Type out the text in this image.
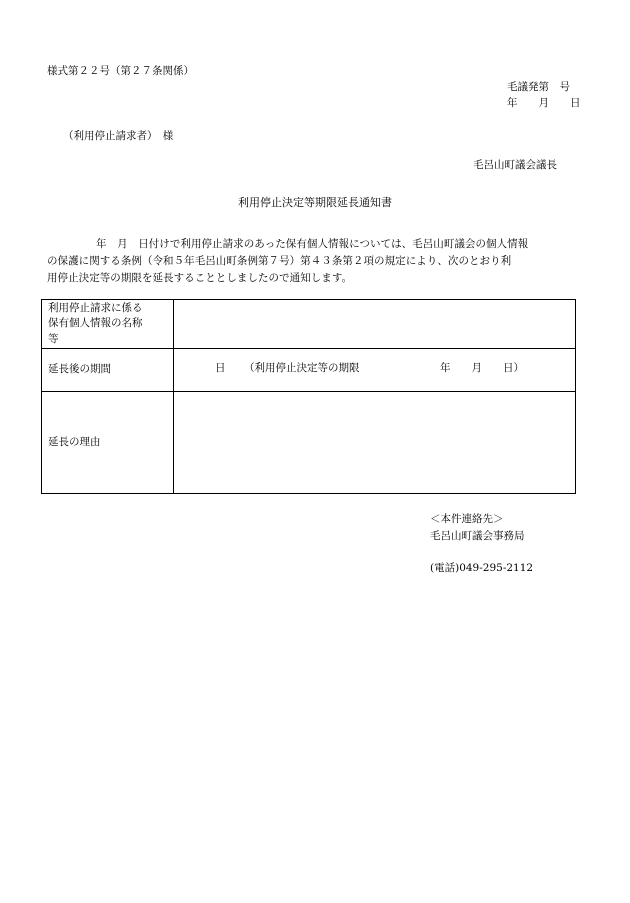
様式第２２号（第２７条関係）
毛議発第　号
年　　月　　日
（利用停止請求者）　様
毛呂山町議会議長
利用停止決定等期限延長通知書
年　月　日付けで利用停止請求のあった保有個人情報については、毛呂山町議会の個人情報
の保護に関する条例（令和５年毛呂山町条例第７号）第４３条第２項の規定により、次のとおり利
用停止決定等の期限を延長することとしましたので通知します。
利用停止請求に係る
保有個人情報の名称
等	

延長後の期間	日 （利用停止決定等の期限 年　　月　　日）

延長の理由	
＜本件連絡先＞
毛呂山町議会事務局
(電話)049-295-2112
